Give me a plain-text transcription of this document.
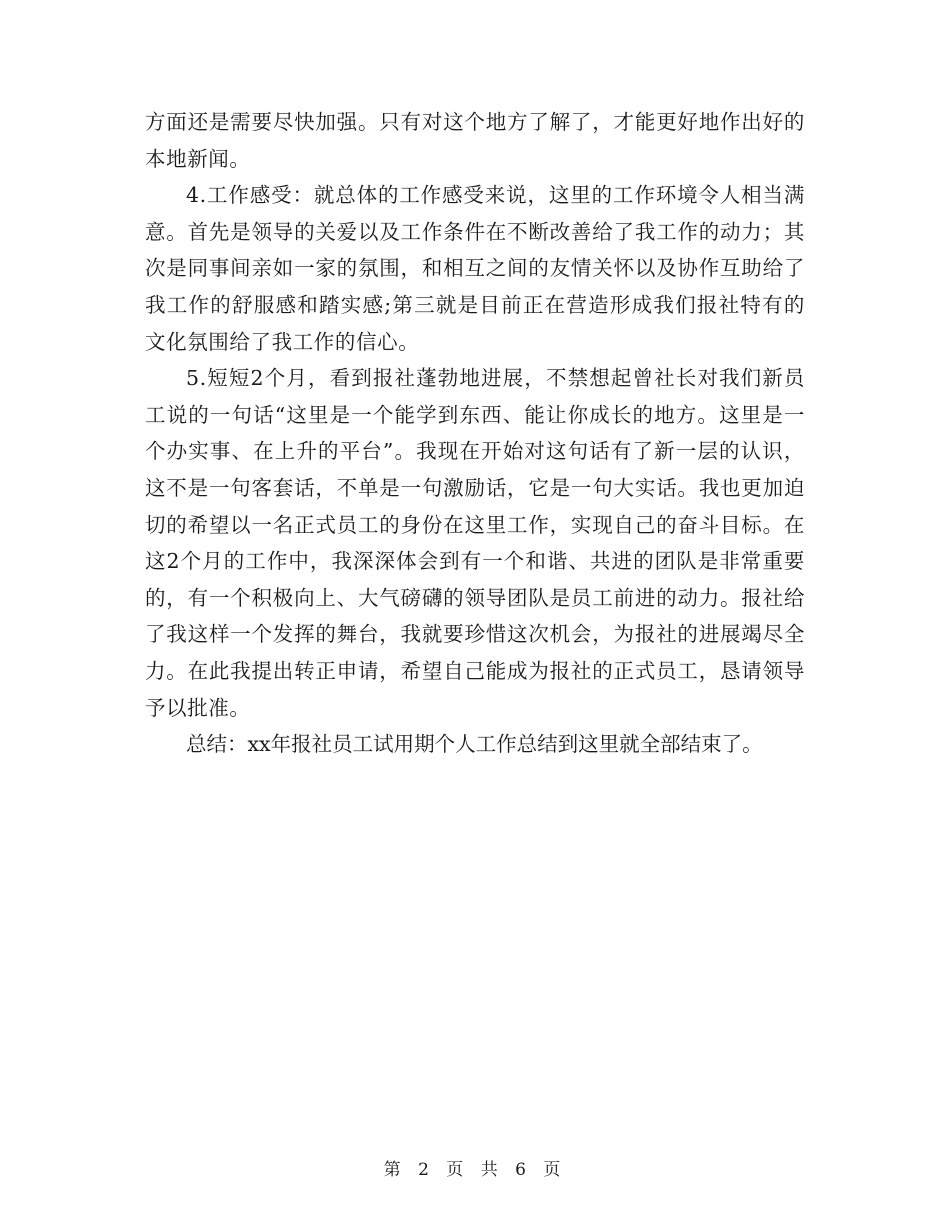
方面还是需要尽快加强。只有对这个地方了解了，才能更好地作出好的本地新闻。

4.工作感受：就总体的工作感受来说，这里的工作环境令人相当满意。首先是领导的关爱以及工作条件在不断改善给了我工作的动力；其次是同事间亲如一家的氛围，和相互之间的友情关怀以及协作互助给了我工作的舒服感和踏实感;第三就是目前正在营造形成我们报社特有的文化氛围给了我工作的信心。

5.短短2个月，看到报社蓬勃地进展，不禁想起曾社长对我们新员工说的一句话“这里是一个能学到东西、能让你成长的地方。这里是一个办实事、在上升的平台”。我现在开始对这句话有了新一层的认识，这不是一句客套话，不单是一句激励话，它是一句大实话。我也更加迫切的希望以一名正式员工的身份在这里工作，实现自己的奋斗目标。在这2个月的工作中，我深深体会到有一个和谐、共进的团队是非常重要的，有一个积极向上、大气磅礴的领导团队是员工前进的动力。报社给了我这样一个发挥的舞台，我就要珍惜这次机会，为报社的进展竭尽全力。在此我提出转正申请，希望自己能成为报社的正式员工，恳请领导予以批准。

总结：xx年报社员工试用期个人工作总结到这里就全部结束了。

第 2 页 共 6 页
